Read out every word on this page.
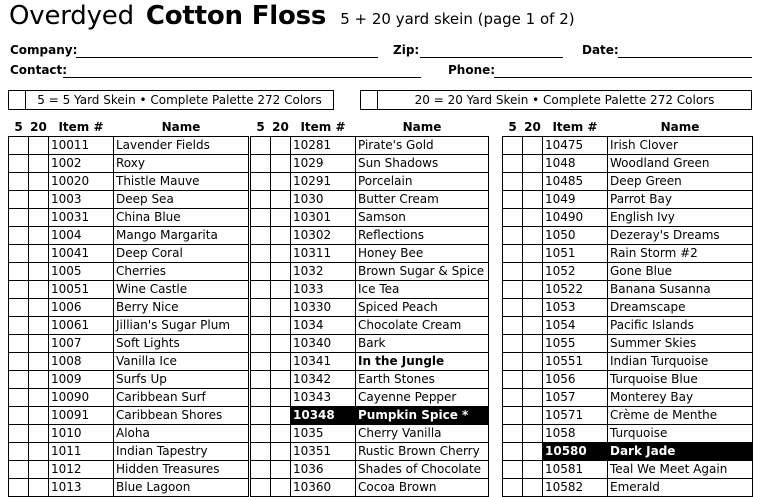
Overdyed Cotton Floss 5 + 20 yard skein (page 1 of 2)
Company:	Zip:	Date:
Contact:	Phone:
5 = 5 Yard Skein • Complete Palette 272 Colors	20 = 20 Yard Skein • Complete Palette 272 Colors
5	20	Item #	Name
		10011	Lavender Fields
		1002	Roxy
		10020	Thistle Mauve
		1003	Deep Sea
		10031	China Blue
		1004	Mango Margarita
		10041	Deep Coral
		1005	Cherries
		10051	Wine Castle
		1006	Berry Nice
		10061	Jillian's Sugar Plum
		1007	Soft Lights
		1008	Vanilla Ice
		1009	Surfs Up
		10090	Caribbean Surf
		10091	Caribbean Shores
		1010	Aloha
		1011	Indian Tapestry
		1012	Hidden Treasures
		1013	Blue Lagoon
5	20	Item #	Name
		10281	Pirate's Gold
		1029	Sun Shadows
		10291	Porcelain
		1030	Butter Cream
		10301	Samson
		10302	Reflections
		10311	Honey Bee
		1032	Brown Sugar & Spice
		1033	Ice Tea
		10330	Spiced Peach
		1034	Chocolate Cream
		10340	Bark
		10341	In the Jungle
		10342	Earth Stones
		10343	Cayenne Pepper
		10348	Pumpkin Spice *
		1035	Cherry Vanilla
		10351	Rustic Brown Cherry
		1036	Shades of Chocolate
		10360	Cocoa Brown
5	20	Item #	Name
		10475	Irish Clover
		1048	Woodland Green
		10485	Deep Green
		1049	Parrot Bay
		10490	English Ivy
		1050	Dezeray's Dreams
		1051	Rain Storm #2
		1052	Gone Blue
		10522	Banana Susanna
		1053	Dreamscape
		1054	Pacific Islands
		1055	Summer Skies
		10551	Indian Turquoise
		1056	Turquoise Blue
		1057	Monterey Bay
		10571	Crème de Menthe
		1058	Turquoise
		10580	Dark Jade
		10581	Teal We Meet Again
		10582	Emerald
